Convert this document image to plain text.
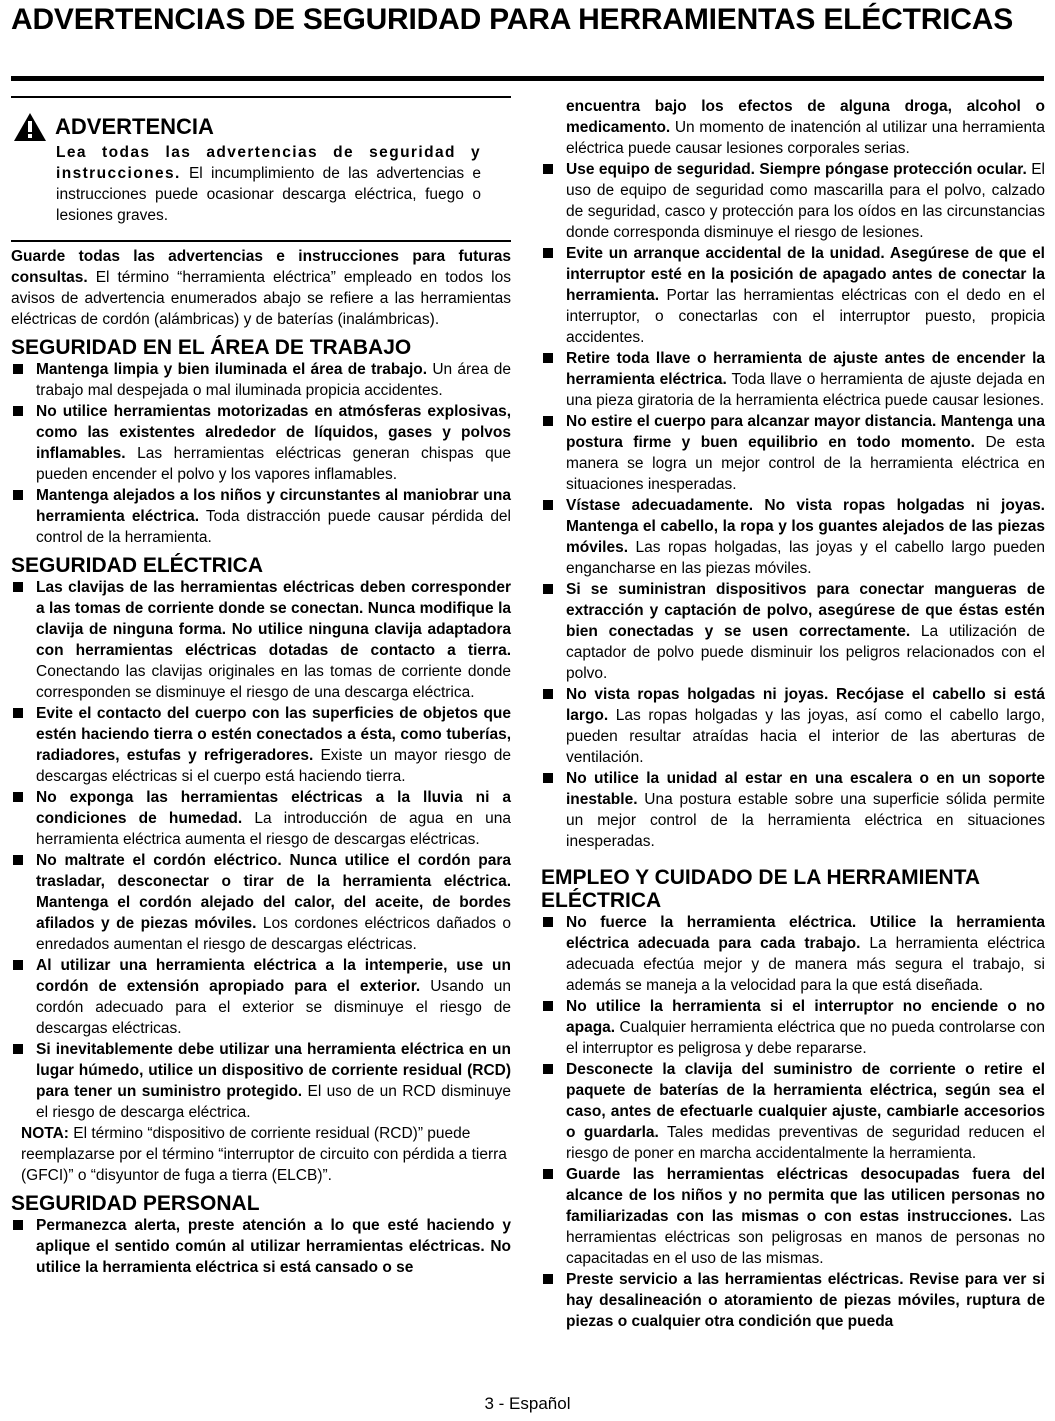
ADVERTENCIAS DE SEGURIDAD PARA HERRAMIENTAS ELÉCTRICAS
ADVERTENCIA
Lea todas las advertencias de seguridad y instrucciones. El incumplimiento de las advertencias e instrucciones puede ocasionar descarga eléctrica, fuego o lesiones graves.

Guarde todas las advertencias e instrucciones para futuras consultas. El término “herramienta eléctrica” empleado en todos los avisos de advertencia enumerados abajo se refiere a las herramientas eléctricas de cordón (alámbricas) y de baterías (inalámbricas).

SEGURIDAD EN EL ÁREA DE TRABAJO
Mantenga limpia y bien iluminada el área de trabajo. Un área de trabajo mal despejada o mal iluminada propicia accidentes.
No utilice herramientas motorizadas en atmósferas explosivas, como las existentes alrededor de líquidos, gases y polvos inflamables. Las herramientas eléctricas generan chispas que pueden encender el polvo y los vapores inflamables.
Mantenga alejados a los niños y circunstantes al maniobrar una herramienta eléctrica. Toda distracción puede causar pérdida del control de la herramienta.
SEGURIDAD ELÉCTRICA
Las clavijas de las herramientas eléctricas deben corresponder a las tomas de corriente donde se conectan. Nunca modifique la clavija de ninguna forma. No utilice ninguna clavija adaptadora con herramientas eléctricas dotadas de contacto a tierra. Conectando las clavijas originales en las tomas de corriente donde corresponden se disminuye el riesgo de una descarga eléctrica.
Evite el contacto del cuerpo con las superficies de objetos que estén haciendo tierra o estén conectados a ésta, como tuberías, radiadores, estufas y refrigeradores. Existe un mayor riesgo de descargas eléctricas si el cuerpo está haciendo tierra.
No exponga las herramientas eléctricas a la lluvia ni a condiciones de humedad. La introducción de agua en una herramienta eléctrica aumenta el riesgo de descargas eléctricas.
No maltrate el cordón eléctrico. Nunca utilice el cordón para trasladar, desconectar o tirar de la herramienta eléctrica. Mantenga el cordón alejado del calor, del aceite, de bordes afilados y de piezas móviles. Los cordones eléctricos dañados o enredados aumentan el riesgo de descargas eléctricas.
Al utilizar una herramienta eléctrica a la intemperie, use un cordón de extensión apropiado para el exterior. Usando un cordón adecuado para el exterior se disminuye el riesgo de descargas eléctricas.
Si inevitablemente debe utilizar una herramienta eléctrica en un lugar húmedo, utilice un dispositivo de corriente residual (RCD) para tener un suministro protegido. El uso de un RCD disminuye el riesgo de descarga eléctrica.
NOTA: El término “dispositivo de corriente residual (RCD)” puede reemplazarse por el término “interruptor de circuito con pérdida a tierra (GFCI)” o “disyuntor de fuga a tierra (ELCB)”.
SEGURIDAD PERSONAL
Permanezca alerta, preste atención a lo que esté haciendo y aplique el sentido común al utilizar herramientas eléctricas. No utilice la herramienta eléctrica si está cansado o se

encuentra bajo los efectos de alguna droga, alcohol o medicamento. Un momento de inatención al utilizar una herramienta eléctrica puede causar lesiones corporales serias.

Use equipo de seguridad. Siempre póngase protección ocular. El uso de equipo de seguridad como mascarilla para el polvo, calzado de seguridad, casco y protección para los oídos en las circunstancias donde corresponda disminuye el riesgo de lesiones.
Evite un arranque accidental de la unidad. Asegúrese de que el interruptor esté en la posición de apagado antes de conectar la herramienta. Portar las herramientas eléctricas con el dedo en el interruptor, o conectarlas con el interruptor puesto, propicia accidentes.
Retire toda llave o herramienta de ajuste antes de encender la herramienta eléctrica. Toda llave o herramienta de ajuste dejada en una pieza giratoria de la herramienta eléctrica puede causar lesiones.
No estire el cuerpo para alcanzar mayor distancia. Mantenga una postura firme y buen equilibrio en todo momento. De esta manera se logra un mejor control de la herramienta eléctrica en situaciones inesperadas.
Vístase adecuadamente. No vista ropas holgadas ni joyas. Mantenga el cabello, la ropa y los guantes alejados de las piezas móviles. Las ropas holgadas, las joyas y el cabello largo pueden engancharse en las piezas móviles.
Si se suministran dispositivos para conectar mangueras de extracción y captación de polvo, asegúrese de que éstas estén bien conectadas y se usen correctamente. La utilización de captador de polvo puede disminuir los peligros relacionados con el polvo.
No vista ropas holgadas ni joyas. Recójase el cabello si está largo. Las ropas holgadas y las joyas, así como el cabello largo, pueden resultar atraídas hacia el interior de las aberturas de ventilación.
No utilice la unidad al estar en una escalera o en un soporte inestable. Una postura estable sobre una superficie sólida permite un mejor control de la herramienta eléctrica en situaciones inesperadas.
EMPLEO Y CUIDADO DE LA HERRAMIENTA ELÉCTRICA
No fuerce la herramienta eléctrica. Utilice la herramienta eléctrica adecuada para cada trabajo. La herramienta eléctrica adecuada efectúa mejor y de manera más segura el trabajo, si además se maneja a la velocidad para la que está diseñada.
No utilice la herramienta si el interruptor no enciende o no apaga. Cualquier herramienta eléctrica que no pueda controlarse con el interruptor es peligrosa y debe repararse.
Desconecte la clavija del suministro de corriente o retire el paquete de baterías de la herramienta eléctrica, según sea el caso, antes de efectuarle cualquier ajuste, cambiarle accesorios o guardarla. Tales medidas preventivas de seguridad reducen el riesgo de poner en marcha accidentalmente la herramienta.
Guarde las herramientas eléctricas desocupadas fuera del alcance de los niños y no permita que las utilicen personas no familiarizadas con las mismas o con estas instrucciones. Las herramientas eléctricas son peligrosas en manos de personas no capacitadas en el uso de las mismas.
Preste servicio a las herramientas eléctricas. Revise para ver si hay desalineación o atoramiento de piezas móviles, ruptura de piezas o cualquier otra condición que pueda
3 - Español
